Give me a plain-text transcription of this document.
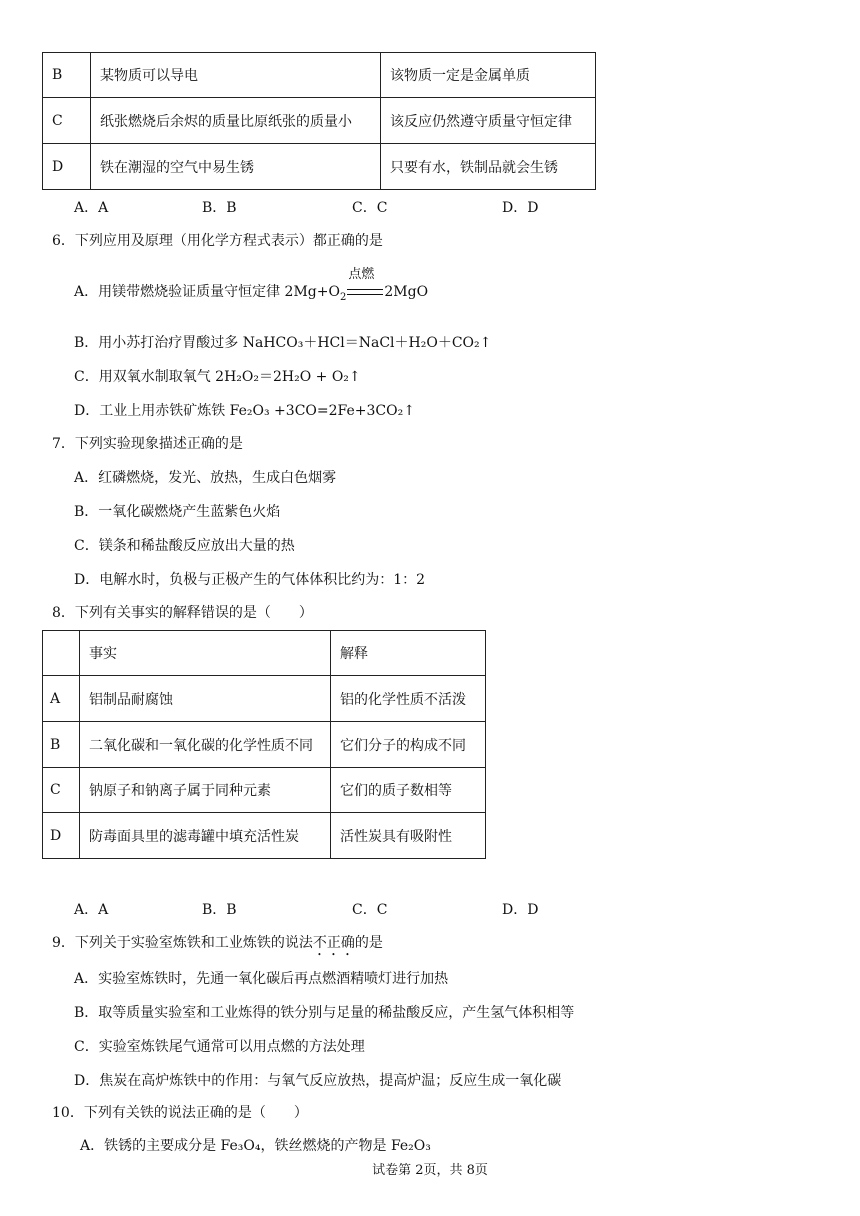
B	某物质可以导电	该物质一定是金属单质
C	纸张燃烧后余烬的质量比原纸张的质量小	该反应仍然遵守质量守恒定律
D	铁在潮湿的空气中易生锈	只要有水，铁制品就会生锈
A．A	B．B	C．C	D．D
6．下列应用及原理（用化学方程式表示）都正确的是
A．用镁带燃烧验证质量守恒定律 $2Mg+O_2$
点燃
2MgO
B．用小苏打治疗胃酸过多 NaHCO₃＋HCl＝NaCl＋H₂O＋CO₂↑
C．用双氧水制取氧气 2H₂O₂＝2H₂O + O₂↑
D．工业上用赤铁矿炼铁 Fe₂O₃ +3CO=2Fe+3CO₂↑
7．下列实验现象描述正确的是
A．红磷燃烧，发光、放热，生成白色烟雾
B．一氧化碳燃烧产生蓝紫色火焰
C．镁条和稀盐酸反应放出大量的热
D．电解水时，负极与正极产生的气体体积比约为：1：2
8．下列有关事实的解释错误的是（　　）
	事实	解释
A	铝制品耐腐蚀	铝的化学性质不活泼
B	二氧化碳和一氧化碳的化学性质不同	它们分子的构成不同
C	钠原子和钠离子属于同种元素	它们的质子数相等
D	防毒面具里的滤毒罐中填充活性炭	活性炭具有吸附性
A．A	B．B	C．C	D．D
9．下列关于实验室炼铁和工业炼铁的说法不正确的是
A．实验室炼铁时，先通一氧化碳后再点燃酒精喷灯进行加热
B．取等质量实验室和工业炼得的铁分别与足量的稀盐酸反应，产生氢气体积相等
C．实验室炼铁尾气通常可以用点燃的方法处理
D．焦炭在高炉炼铁中的作用：与氧气反应放热，提高炉温；反应生成一氧化碳
10．下列有关铁的说法正确的是（　　）
A．铁锈的主要成分是 Fe₃O₄，铁丝燃烧的产物是 Fe₂O₃
试卷第 2页，共 8页
